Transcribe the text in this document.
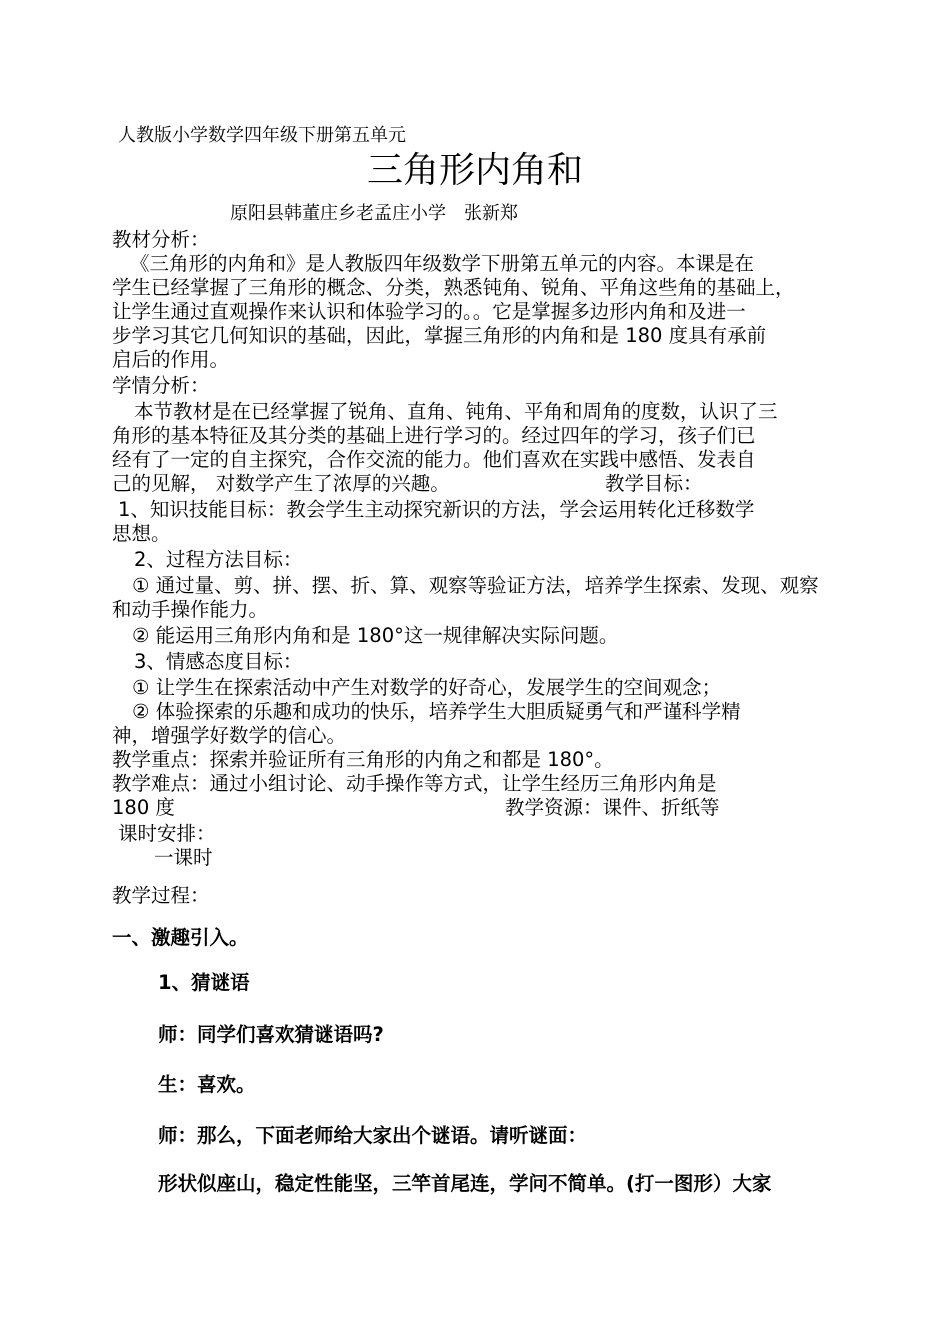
人教版小学数学四年级下册第五单元
三角形内角和
原阳县韩董庄乡老孟庄小学　张新郑
教材分析：
《三角形的内角和》是人教版四年级数学下册第五单元的内容。本课是在
学生已经掌握了三角形的概念、分类，熟悉钝角、锐角、平角这些角的基础上，
让学生通过直观操作来认识和体验学习的。。它是掌握多边形内角和及进一
步学习其它几何知识的基础，因此，掌握三角形的内角和是 180 度具有承前
启后的作用。
学情分析：
本节教材是在已经掌握了锐角、直角、钝角、平角和周角的度数，认识了三
角形的基本特征及其分类的基础上进行学习的。经过四年的学习，孩子们已
经有了一定的自主探究，合作交流的能力。他们喜欢在实践中感悟、发表自
己的见解， 对数学产生了浓厚的兴趣。	教学目标：
1、知识技能目标：教会学生主动探究新识的方法，学会运用转化迁移数学
思想。
2、过程方法目标：
① 通过量、剪、拼、摆、折、算、观察等验证方法，培养学生探索、发现、观察
和动手操作能力。
② 能运用三角形内角和是 180°这一规律解决实际问题。
3、情感态度目标：
① 让学生在探索活动中产生对数学的好奇心，发展学生的空间观念；
② 体验探索的乐趣和成功的快乐，培养学生大胆质疑勇气和严谨科学精
神，增强学好数学的信心。
教学重点：探索并验证所有三角形的内角之和都是 180°。
教学难点：通过小组讨论、动手操作等方式，让学生经历三角形内角是
180 度	教学资源：课件、折纸等
课时安排：
一课时
教学过程：
一、激趣引入。
1、猜谜语
师：同学们喜欢猜谜语吗?
生：喜欢。
师：那么，下面老师给大家出个谜语。请听谜面：
形状似座山，稳定性能坚，三竿首尾连，学问不简单。(打一图形）大家
